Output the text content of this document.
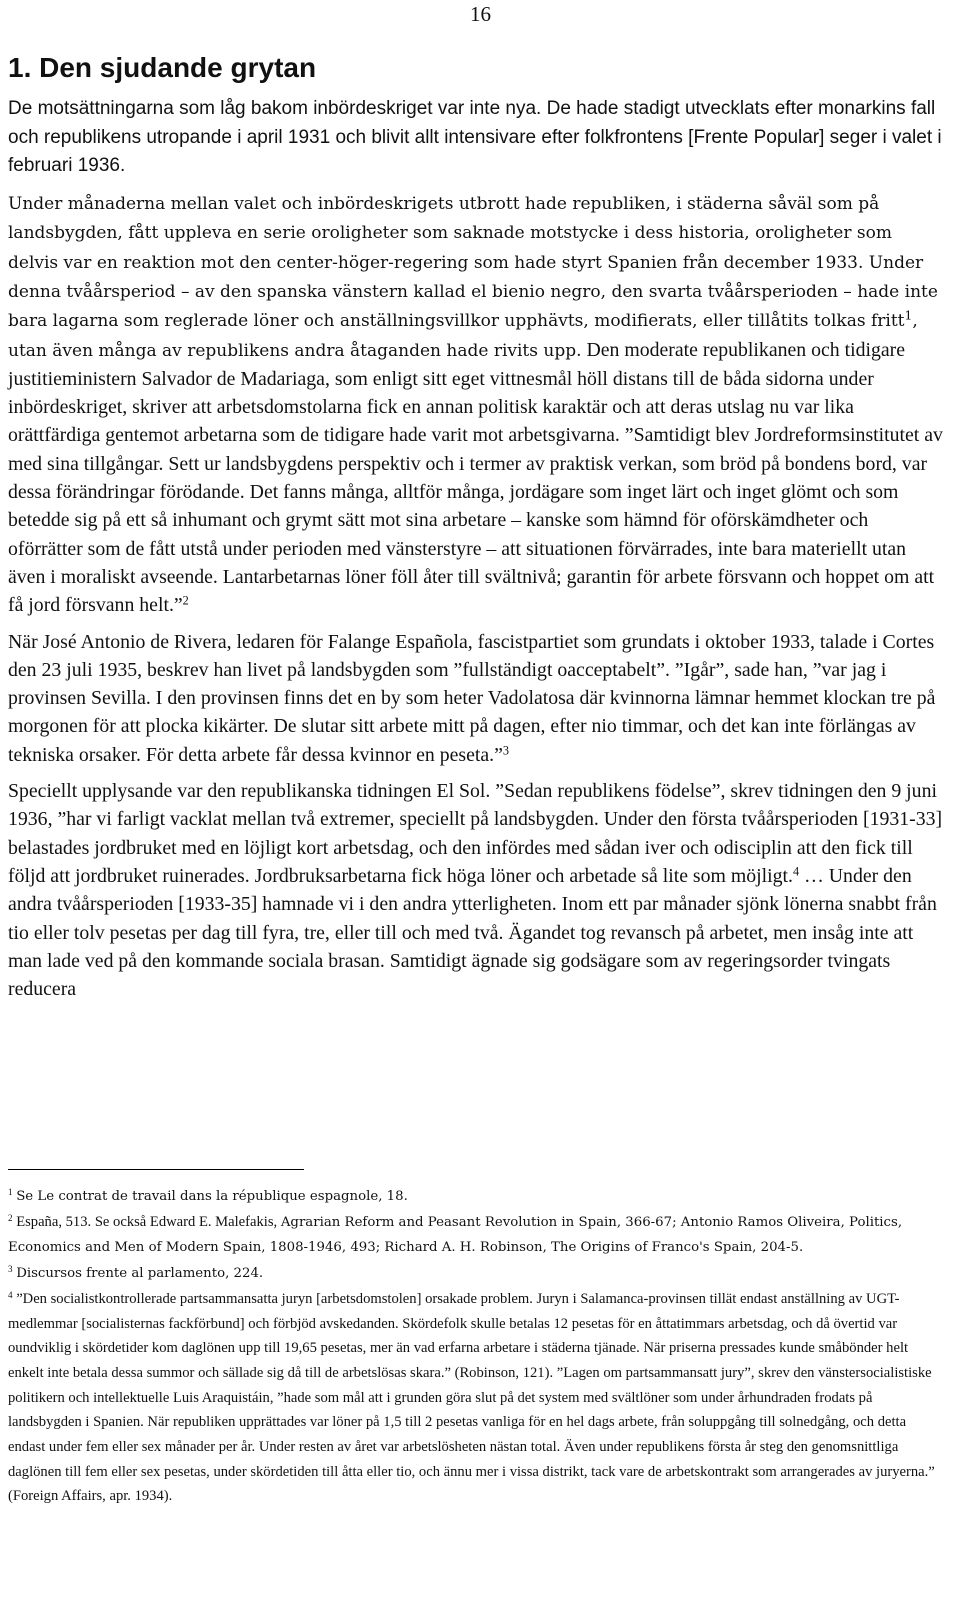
16
1. Den sjudande grytan

De motsättningarna som låg bakom inbördeskriget var inte nya. De hade stadigt utvecklats efter monarkins fall och republikens utropande i april 1931 och blivit allt intensivare efter folkfrontens [Frente Popular] seger i valet i februari 1936.

Under månaderna mellan valet och inbördeskrigets utbrott hade republiken, i städerna såväl som på landsbygden, fått uppleva en serie oroligheter som saknade motstycke i dess historia, oroligheter som delvis var en reaktion mot den center-höger-regering som hade styrt Spanien från december 1933. Under denna tvåårsperiod – av den spanska vänstern kallad el bienio negro, den svarta tvåårsperioden – hade inte bara lagarna som reglerade löner och anställningsvillkor upphävts, modifierats, eller tillåtits tolkas fritt$^1$, utan även många av republikens andra åtaganden hade rivits upp. Den moderate republikanen och tidigare justitieministern Salvador de Madariaga, som enligt sitt eget vittnesmål höll distans till de båda sidorna under inbördeskriget, skriver att arbetsdomstolarna fick en annan politisk karaktär och att deras utslag nu var lika orättfärdiga gentemot arbetarna som de tidigare hade varit mot arbetsgivarna. ”Samtidigt blev Jordreformsinstitutet av med sina tillgångar. Sett ur landsbygdens perspektiv och i termer av praktisk verkan, som bröd på bondens bord, var dessa förändringar förödande. Det fanns många, alltför många, jordägare som inget lärt och inget glömt och som betedde sig på ett så inhumant och grymt sätt mot sina arbetare – kanske som hämnd för oförskämdheter och oförrätter som de fått utstå under perioden med vänsterstyre – att situationen förvärrades, inte bara materiellt utan även i moraliskt avseende. Lantarbetarnas löner föll åter till svältnivå; garantin för arbete försvann och hoppet om att få jord försvann helt.”$^2$

När José Antonio de Rivera, ledaren för Falange Española, fascistpartiet som grundats i oktober 1933, talade i Cortes den 23 juli 1935, beskrev han livet på landsbygden som ”fullständigt oacceptabelt”. ”Igår”, sade han, ”var jag i provinsen Sevilla. I den provinsen finns det en by som heter Vadolatosa där kvinnorna lämnar hemmet klockan tre på morgonen för att plocka kikärter. De slutar sitt arbete mitt på dagen, efter nio timmar, och det kan inte förlängas av tekniska orsaker. För detta arbete får dessa kvinnor en peseta.”$^3$

Speciellt upplysande var den republikanska tidningen El Sol. ”Sedan republikens födelse”, skrev tidningen den 9 juni 1936, ”har vi farligt vacklat mellan två extremer, speciellt på landsbygden. Under den första tvåårsperioden [1931-33] belastades jordbruket med en löjligt kort arbetsdag, och den infördes med sådan iver och odisciplin att den fick till följd att jordbruket ruinerades. Jordbruksarbetarna fick höga löner och arbetade så lite som möjligt.$^4$ … Under den andra tvåårsperioden [1933-35] hamnade vi i den andra ytterligheten. Inom ett par månader sjönk lönerna snabbt från tio eller tolv pesetas per dag till fyra, tre, eller till och med två. Ägandet tog revansch på arbetet, men insåg inte att man lade ved på den kommande sociala brasan. Samtidigt ägnade sig godsägare som av regeringsorder tvingats reducera

$^1$ Se Le contrat de travail dans la république espagnole, 18.

$^2$ España, 513. Se också Edward E. Malefakis, Agrarian Reform and Peasant Revolution in Spain, 366-67; Antonio Ramos Oliveira, Politics, Economics and Men of Modern Spain, 1808-1946, 493; Richard A. H. Robinson, The Origins of Franco's Spain, 204-5.

$^3$ Discursos frente al parlamento, 224.

$^4$ ”Den socialistkontrollerade partsammansatta juryn [arbetsdomstolen] orsakade problem. Juryn i Salamanca-provinsen tillät endast anställning av UGT-medlemmar [socialisternas fackförbund] och förbjöd avskedanden. Skördefolk skulle betalas 12 pesetas för en åttatimmars arbetsdag, och då övertid var oundviklig i skördetider kom daglönen upp till 19,65 pesetas, mer än vad erfarna arbetare i städerna tjänade. När priserna pressades kunde småbönder helt enkelt inte betala dessa summor och sällade sig då till de arbetslösas skara.” (Robinson, 121). ”Lagen om partsammansatt jury”, skrev den vänstersocialistiske politikern och intellektuelle Luis Araquistáin, ”hade som mål att i grunden göra slut på det system med svältlöner som under århundraden frodats på landsbygden i Spanien. När republiken upprättades var löner på 1,5 till 2 pesetas vanliga för en hel dags arbete, från soluppgång till solnedgång, och detta endast under fem eller sex månader per år. Under resten av året var arbetslösheten nästan total. Även under republikens första år steg den genomsnittliga daglönen till fem eller sex pesetas, under skördetiden till åtta eller tio, och ännu mer i vissa distrikt, tack vare de arbetskontrakt som arrangerades av juryerna.” (Foreign Affairs, apr. 1934).
